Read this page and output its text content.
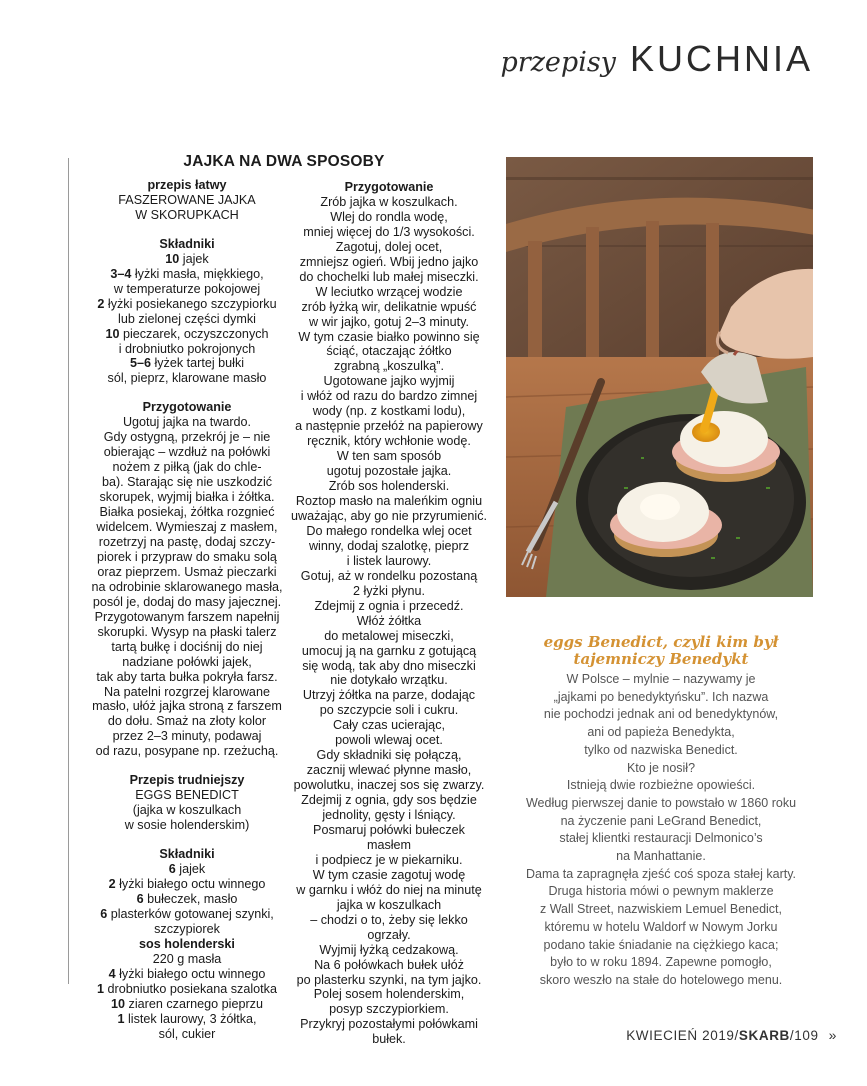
przepisy KUCHNIA
JAJKA NA DWA SPOSOBY
przepis łatwy
FASZEROWANE JAJKA
W SKORUPKACH
Składniki
10 jajek
3–4 łyżki masła, miękkiego,
w temperaturze pokojowej
2 łyżki posiekanego szczypiorku
lub zielonej części dymki
10 pieczarek, oczyszczonych
i drobniutko pokrojonych
5–6 łyżek tartej bułki
sól, pieprz, klarowane masło
Przygotowanie
Ugotuj jajka na twardo.
Gdy ostygną, przekrój je – nie
obierając – wzdłuż na połówki
nożem z piłką (jak do chle-
ba). Starając się nie uszkodzić
skorupek, wyjmij białka i żółtka.
Białka posiekaj, żółtka rozgnieć
widelcem. Wymieszaj z masłem,
rozetrzyj na pastę, dodaj szczy-
piorek i przypraw do smaku solą
oraz pieprzem. Usmaż pieczarki
na odrobinie sklarowanego masła,
posól je, dodaj do masy jajecznej.
Przygotowanym farszem napełnij
skorupki. Wysyp na płaski talerz
tartą bułkę i dociśnij do niej
nadziane połówki jajek,
tak aby tarta bułka pokryła farsz.
Na patelni rozgrzej klarowane
masło, ułóż jajka stroną z farszem
do dołu. Smaż na złoty kolor
przez 2–3 minuty, podawaj
od razu, posypane np. rzeżuchą.
Przepis trudniejszy
EGGS BENEDICT
(jajka w koszulkach
w sosie holenderskim)
Składniki
6 jajek
2 łyżki białego octu winnego
6 bułeczek, masło
6 plasterków gotowanej szynki,
szczypiorek
sos holenderski
220 g masła
4 łyżki białego octu winnego
1 drobniutko posiekana szalotka
10 ziaren czarnego pieprzu
1 listek laurowy, 3 żółtka,
sól, cukier
Przygotowanie
Zrób jajka w koszulkach.
Wlej do rondla wodę,
mniej więcej do 1/3 wysokości.
Zagotuj, dolej ocet,
zmniejsz ogień. Wbij jedno jajko
do chochelki lub małej miseczki.
W leciutko wrzącej wodzie
zrób łyżką wir, delikatnie wpuść
w wir jajko, gotuj 2–3 minuty.
W tym czasie białko powinno się
ściąć, otaczając żółtko
zgrabną „koszulką”.
Ugotowane jajko wyjmij
i włóż od razu do bardzo zimnej
wody (np. z kostkami lodu),
a następnie przełóż na papierowy
ręcznik, który wchłonie wodę.
W ten sam sposób
ugotuj pozostałe jajka.
Zrób sos holenderski.
Roztop masło na maleńkim ogniu
uważając, aby go nie przyrumienić.
Do małego rondelka wlej ocet
winny, dodaj szalotkę, pieprz
i listek laurowy.
Gotuj, aż w rondelku pozostaną
2 łyżki płynu.
Zdejmij z ognia i przecedź.
Włóż żółtka
do metalowej miseczki,
umocuj ją na garnku z gotującą
się wodą, tak aby dno miseczki
nie dotykało wrzątku.
Utrzyj żółtka na parze, dodając
po szczypcie soli i cukru.
Cały czas ucierając,
powoli wlewaj ocet.
Gdy składniki się połączą,
zacznij wlewać płynne masło,
powolutku, inaczej sos się zwarzy.
Zdejmij z ognia, gdy sos będzie
jednolity, gęsty i lśniący.
Posmaruj połówki bułeczek
masłem
i podpiecz je w piekarniku.
W tym czasie zagotuj wodę
w garnku i włóż do niej na minutę
jajka w koszulkach
– chodzi o to, żeby się lekko
ogrzały.
Wyjmij łyżką cedzakową.
Na 6 połówkach bułek ułóż
po plasterku szynki, na tym jajko.
Polej sosem holenderskim,
posyp szczypiorkiem.
Przykryj pozostałymi połówkami
bułek.
eggs Benedict, czyli kim był
tajemniczy Benedykt
W Polsce – mylnie – nazywamy je
„jajkami po benedyktyńsku”. Ich nazwa
nie pochodzi jednak ani od benedyktynów,
ani od papieża Benedykta,
tylko od nazwiska Benedict.
Kto je nosił?
Istnieją dwie rozbieżne opowieści.
Według pierwszej danie to powstało w 1860 roku
na życzenie pani LeGrand Benedict,
stałej klientki restauracji Delmonico’s
na Manhattanie.
Dama ta zapragnęła zjeść coś spoza stałej karty.
Druga historia mówi o pewnym maklerze
z Wall Street, nazwiskiem Lemuel Benedict,
któremu w hotelu Waldorf w Nowym Jorku
podano takie śniadanie na ciężkiego kaca;
było to w roku 1894. Zapewne pomogło,
skoro weszło na stałe do hotelowego menu.
KWIECIEŃ 2019/SKARB/109 »
